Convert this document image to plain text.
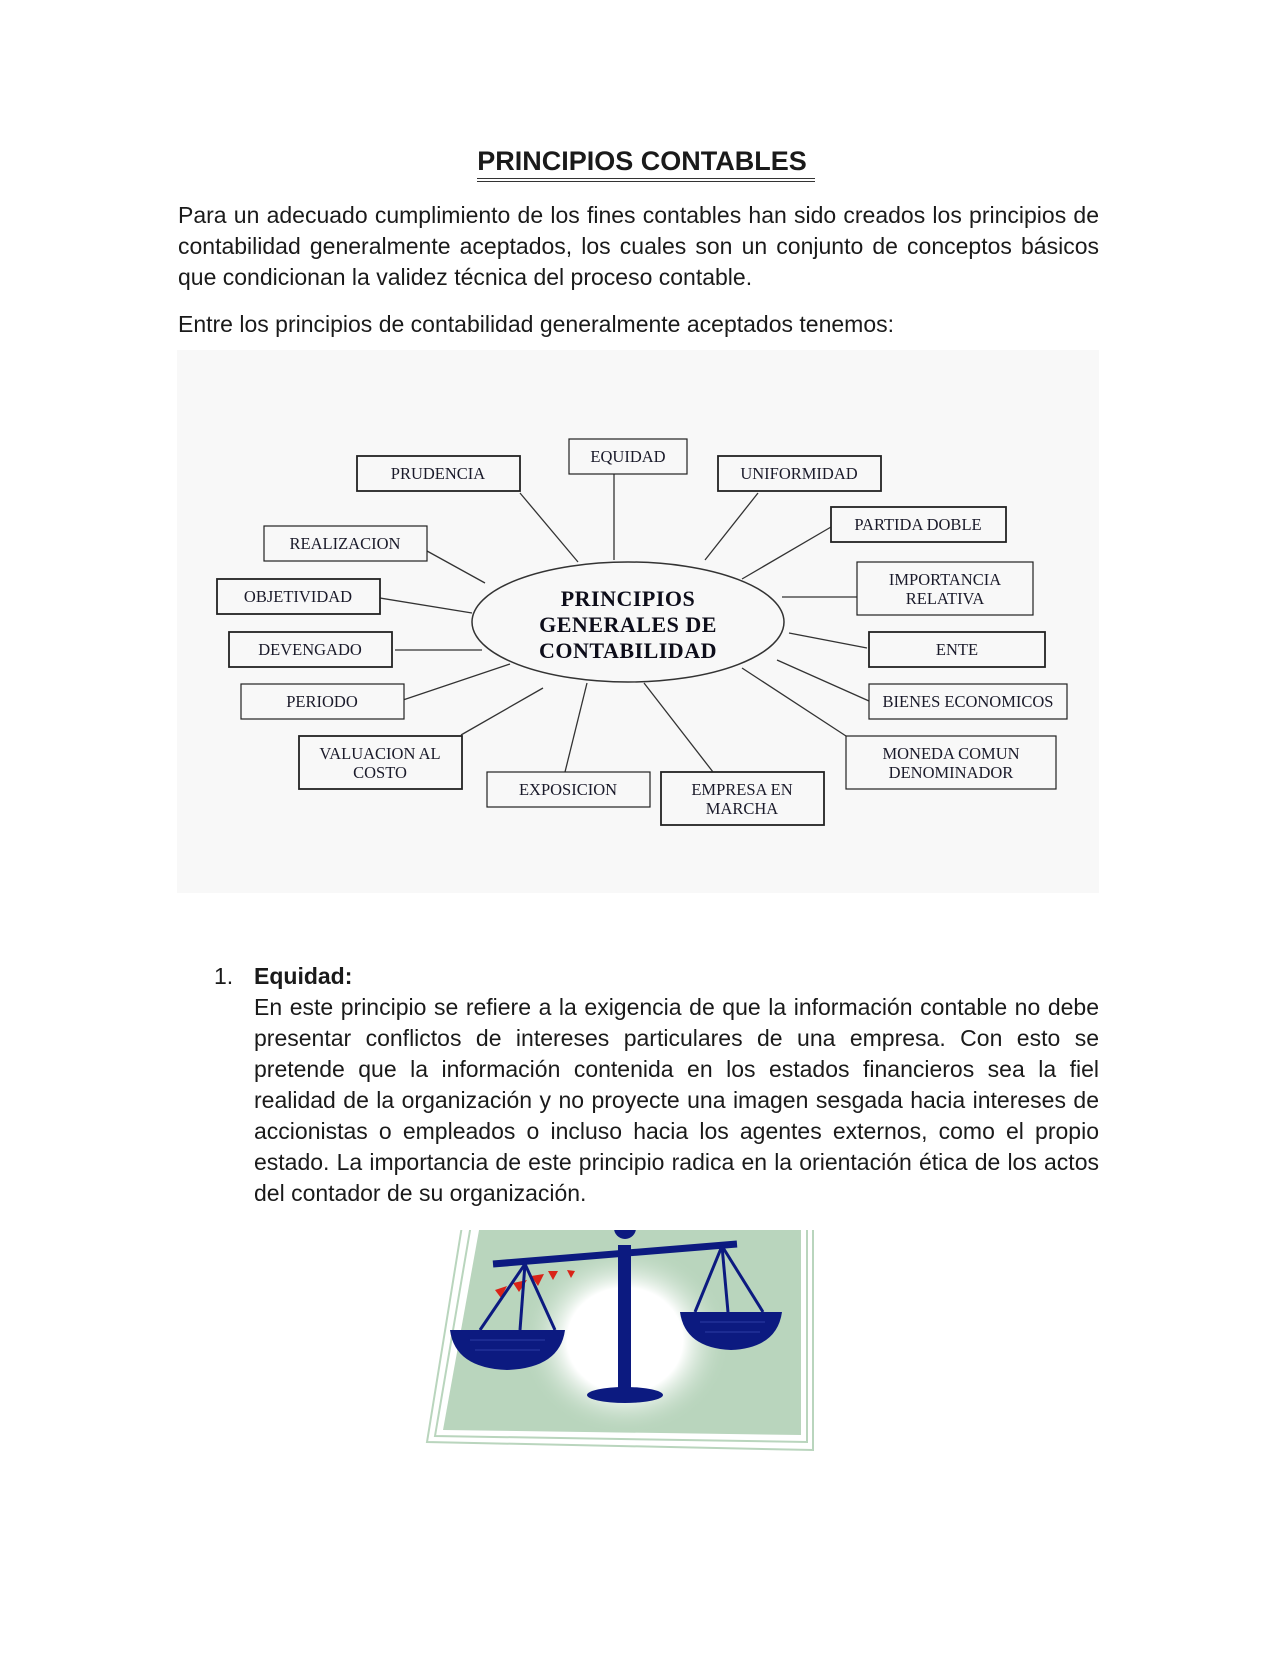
PRINCIPIOS CONTABLES

Para un adecuado cumplimiento de los fines contables han sido creados los principios de contabilidad generalmente aceptados, los cuales son un conjunto de conceptos básicos que condicionan la validez técnica del proceso contable.

Entre los principios de contabilidad generalmente aceptados tenemos:

PRINCIPIOS
GENERALES DE
CONTABILIDAD
EQUIDAD
PRUDENCIA	UNIFORMIDAD
PARTIDA DOBLE
REALIZACION
IMPORTANCIA
RELATIVA
OBJETIVIDAD
DEVENGADO	ENTE
PERIODO	BIENES ECONOMICOS
VALUACION AL
COSTO
MONEDA COMUN
DENOMINADOR
EXPOSICION	EMPRESA EN
MARCHA
1. Equidad:
En este principio se refiere a la exigencia de que la información contable no debe presentar conflictos de intereses particulares de una empresa. Con esto se pretende que la información contenida en los estados financieros sea la fiel realidad de la organización y no proyecte una imagen sesgada hacia intereses de accionistas o empleados o incluso hacia los agentes externos, como el propio estado. La importancia de este principio radica en la orientación ética de los actos del contador de su organización.
